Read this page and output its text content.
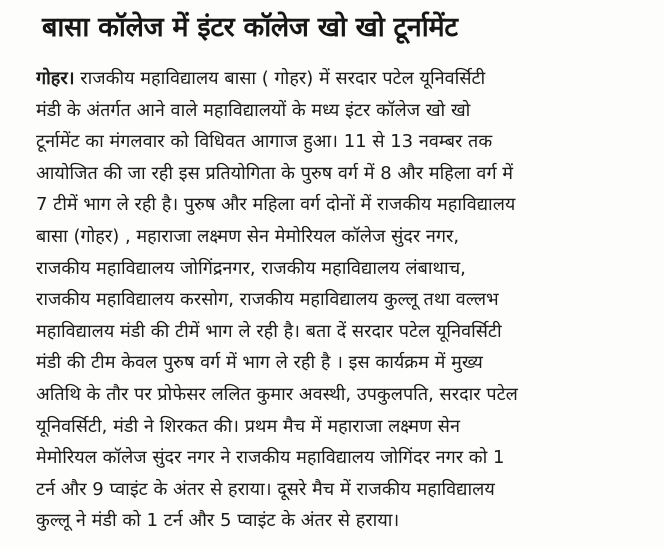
बासा कॉलेज में इंटर कॉलेज खो खो टूर्नामेंट
गोहर। राजकीय महाविद्यालय बासा ( गोहर) में सरदार पटेल यूनिवर्सिटी
मंडी के अंतर्गत आने वाले महाविद्यालयों के मध्य इंटर कॉलेज खो खो
टूर्नामेंट का मंगलवार को विधिवत आगाज हुआ। 11 से 13 नवम्बर तक
आयोजित की जा रही इस प्रतियोगिता के पुरुष वर्ग में 8 और महिला वर्ग में
7 टीमें भाग ले रही है। पुरुष और महिला वर्ग दोनों में राजकीय महाविद्यालय
बासा (गोहर) , महाराजा लक्ष्मण सेन मेमोरियल कॉलेज सुंदर नगर,
राजकीय महाविद्यालय जोगिंद्रनगर, राजकीय महाविद्यालय लंबाथाच,
राजकीय महाविद्यालय करसोग, राजकीय महाविद्यालय कुल्लू तथा वल्लभ
महाविद्यालय मंडी की टीमें भाग ले रही है। बता दें सरदार पटेल यूनिवर्सिटी
मंडी की टीम केवल पुरुष वर्ग में भाग ले रही है । इस कार्यक्रम में मुख्य
अतिथि के तौर पर प्रोफेसर ललित कुमार अवस्थी, उपकुलपति, सरदार पटेल
यूनिवर्सिटी, मंडी ने शिरकत की। प्रथम मैच में महाराजा लक्ष्मण सेन
मेमोरियल कॉलेज सुंदर नगर ने राजकीय महाविद्यालय जोगिंदर नगर को 1
टर्न और 9 प्वाइंट के अंतर से हराया। दूसरे मैच में राजकीय महाविद्यालय
कुल्लू ने मंडी को 1 टर्न और 5 प्वाइंट के अंतर से हराया।
